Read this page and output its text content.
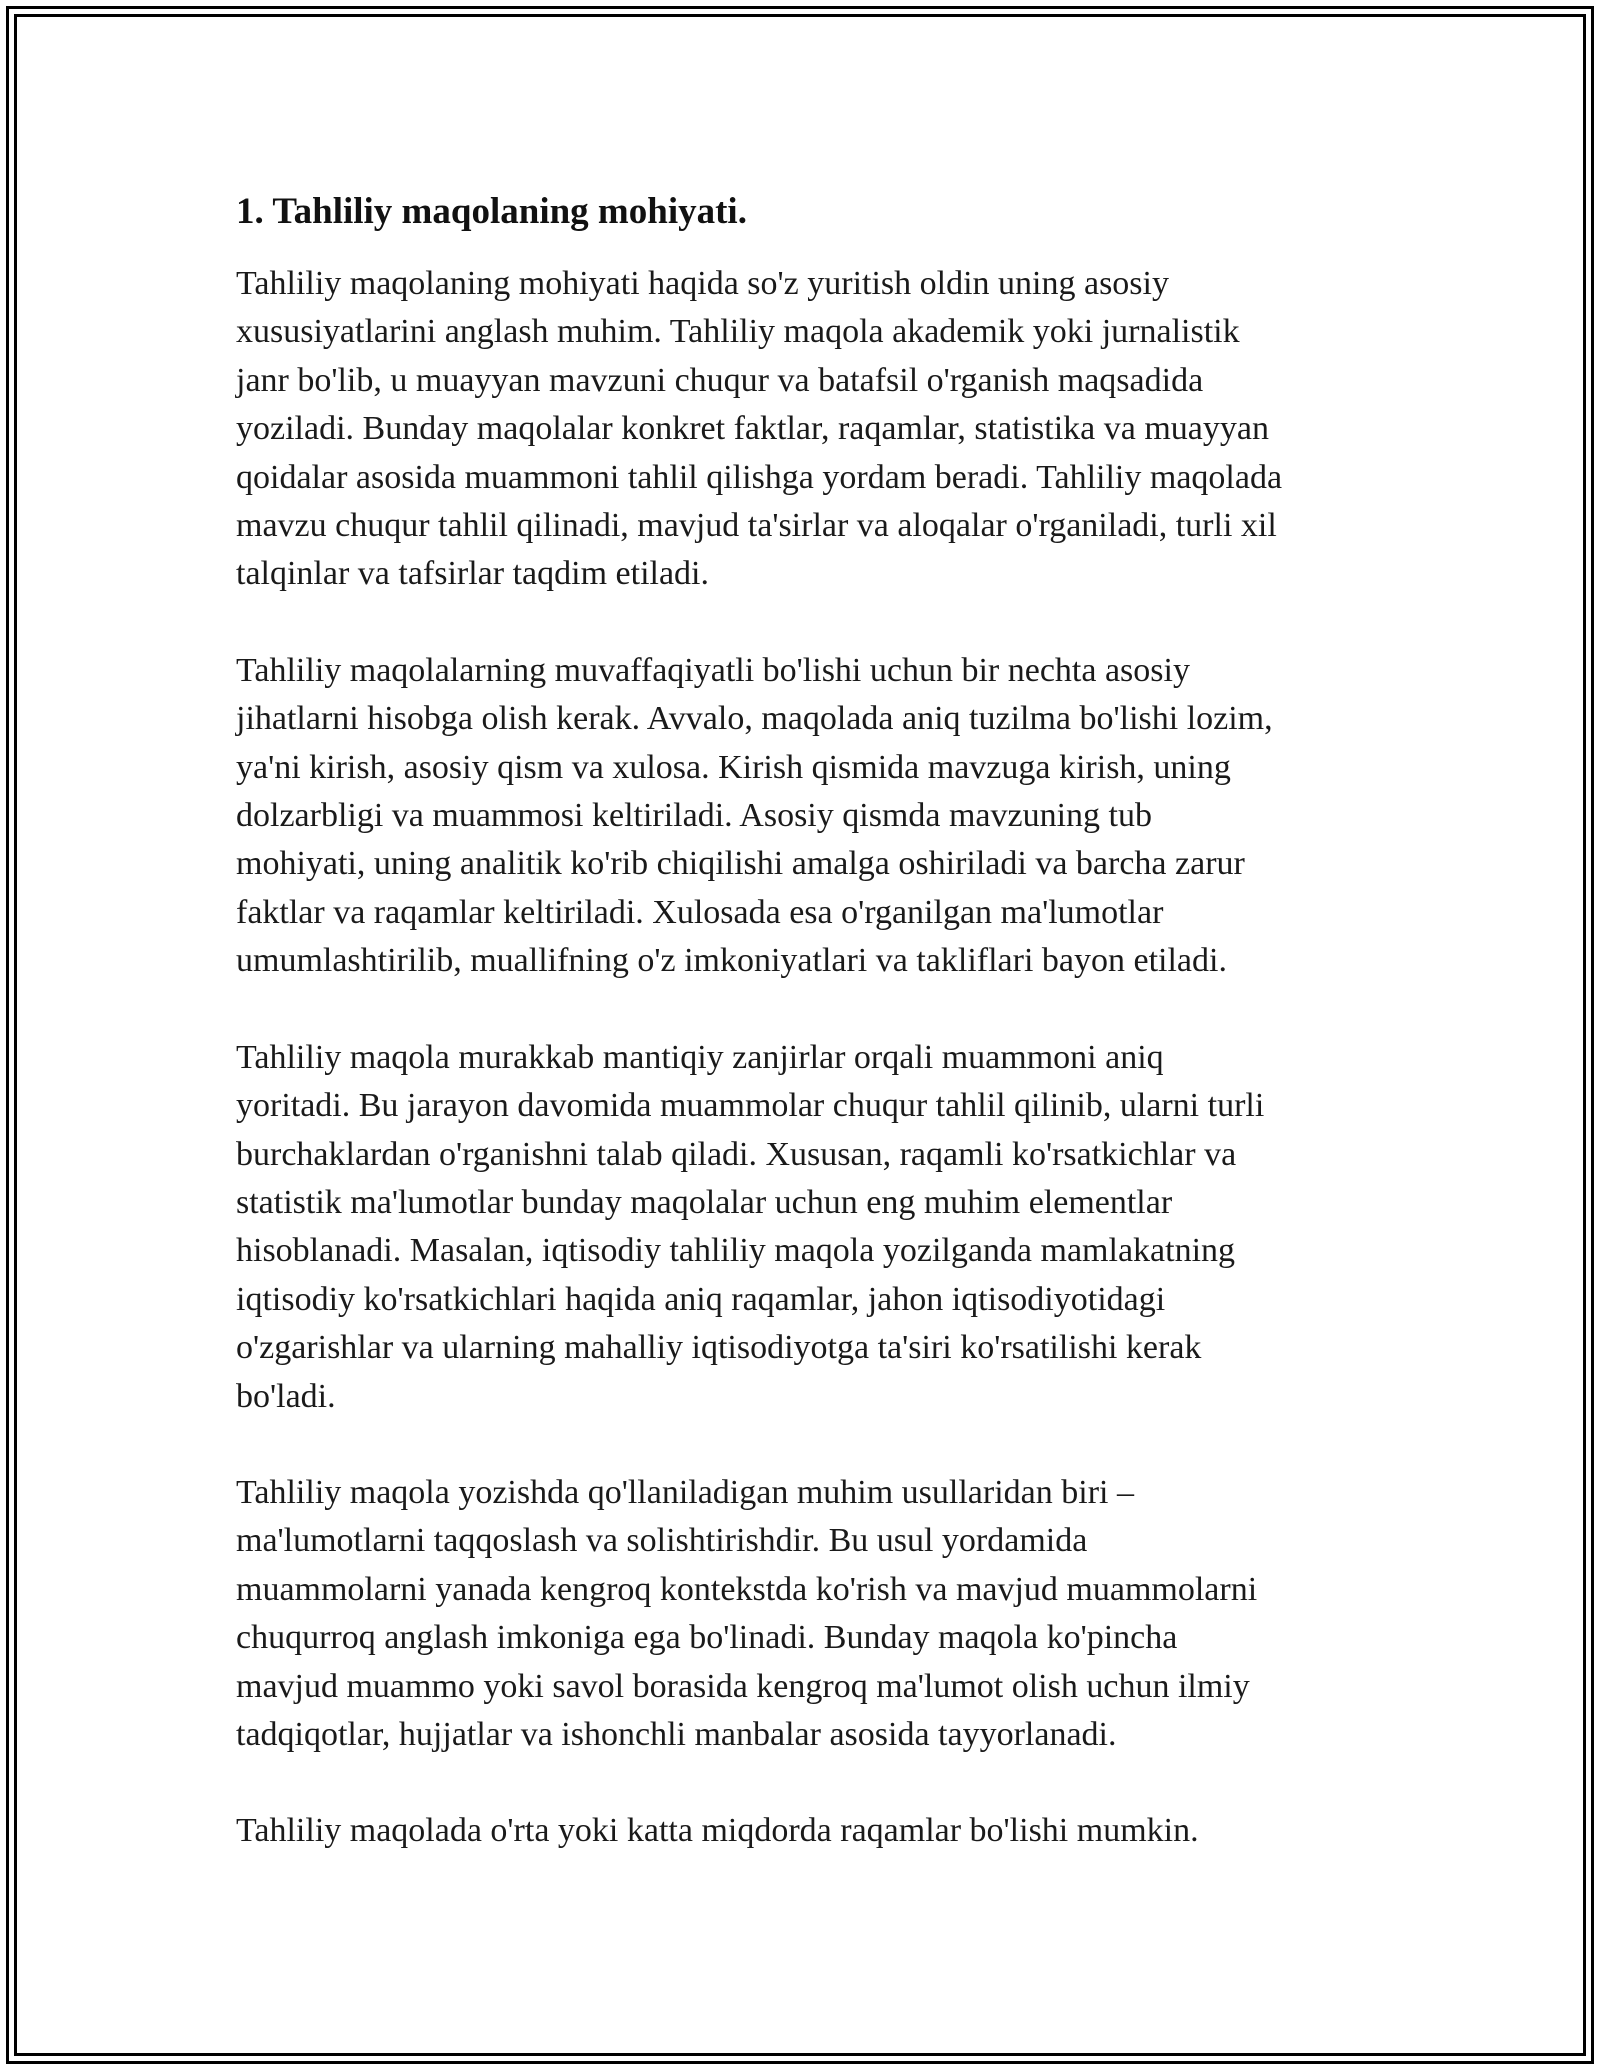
1. Tahliliy maqolaning mohiyati.

Tahliliy maqolaning mohiyati haqida so'z yuritish oldin uning asosiy
xususiyatlarini anglash muhim. Tahliliy maqola akademik yoki jurnalistik
janr bo'lib, u muayyan mavzuni chuqur va batafsil o'rganish maqsadida
yoziladi. Bunday maqolalar konkret faktlar, raqamlar, statistika va muayyan
qoidalar asosida muammoni tahlil qilishga yordam beradi. Tahliliy maqolada
mavzu chuqur tahlil qilinadi, mavjud ta'sirlar va aloqalar o'rganiladi, turli xil
talqinlar va tafsirlar taqdim etiladi.

Tahliliy maqolalarning muvaffaqiyatli bo'lishi uchun bir nechta asosiy
jihatlarni hisobga olish kerak. Avvalo, maqolada aniq tuzilma bo'lishi lozim,
ya'ni kirish, asosiy qism va xulosa. Kirish qismida mavzuga kirish, uning
dolzarbligi va muammosi keltiriladi. Asosiy qismda mavzuning tub
mohiyati, uning analitik ko'rib chiqilishi amalga oshiriladi va barcha zarur
faktlar va raqamlar keltiriladi. Xulosada esa o'rganilgan ma'lumotlar
umumlashtirilib, muallifning o'z imkoniyatlari va takliflari bayon etiladi.

Tahliliy maqola murakkab mantiqiy zanjirlar orqali muammoni aniq
yoritadi. Bu jarayon davomida muammolar chuqur tahlil qilinib, ularni turli
burchaklardan o'rganishni talab qiladi. Xususan, raqamli ko'rsatkichlar va
statistik ma'lumotlar bunday maqolalar uchun eng muhim elementlar
hisoblanadi. Masalan, iqtisodiy tahliliy maqola yozilganda mamlakatning
iqtisodiy ko'rsatkichlari haqida aniq raqamlar, jahon iqtisodiyotidagi
o'zgarishlar va ularning mahalliy iqtisodiyotga ta'siri ko'rsatilishi kerak
bo'ladi.

Tahliliy maqola yozishda qo'llaniladigan muhim usullaridan biri –
ma'lumotlarni taqqoslash va solishtirishdir. Bu usul yordamida
muammolarni yanada kengroq kontekstda ko'rish va mavjud muammolarni
chuqurroq anglash imkoniga ega bo'linadi. Bunday maqola ko'pincha
mavjud muammo yoki savol borasida kengroq ma'lumot olish uchun ilmiy
tadqiqotlar, hujjatlar va ishonchli manbalar asosida tayyorlanadi.

Tahliliy maqolada o'rta yoki katta miqdorda raqamlar bo'lishi mumkin.
